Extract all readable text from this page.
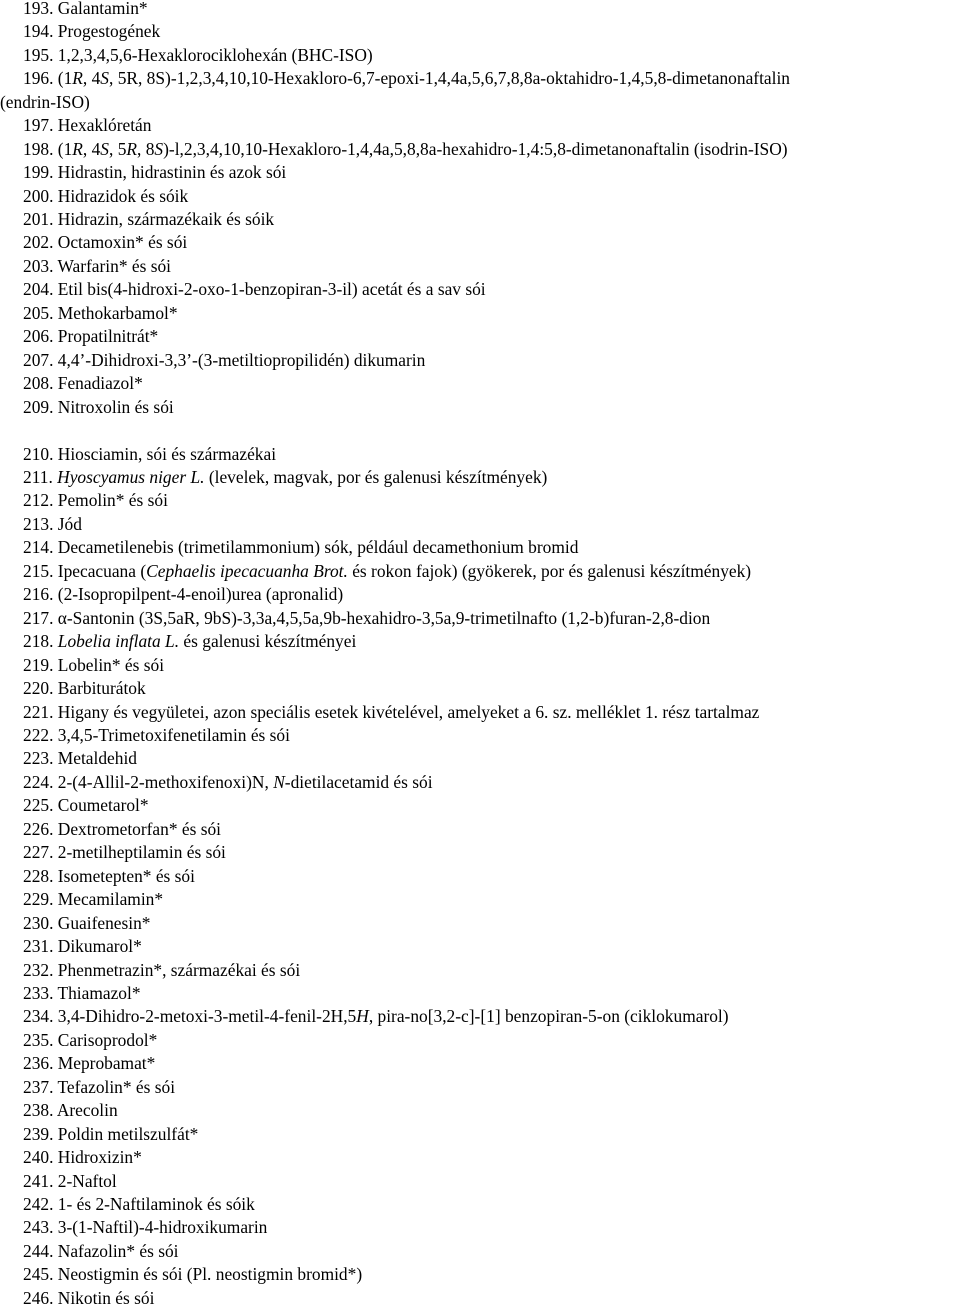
193. Galantamin*
194. Progestogének
195. 1,2,3,4,5,6-Hexaklorociklohexán (BHC-ISO)
196. (1R, 4S, 5R, 8S)-1,2,3,4,10,10-Hexakloro-6,7-epoxi-1,4,4a,5,6,7,8,8a-oktahidro-1,4,5,8-dimetanonaftalin
(endrin-ISO)
197. Hexaklóretán
198. (1R, 4S, 5R, 8S)-l,2,3,4,10,10-Hexakloro-1,4,4a,5,8,8a-hexahidro-1,4:5,8-dimetanonaftalin (isodrin-ISO)
199. Hidrastin, hidrastinin és azok sói
200. Hidrazidok és sóik
201. Hidrazin, származékaik és sóik
202. Octamoxin* és sói
203. Warfarin* és sói
204. Etil bis(4-hidroxi-2-oxo-1-benzopiran-3-il) acetát és a sav sói
205. Methokarbamol*
206. Propatilnitrát*
207. 4,4’-Dihidroxi-3,3’-(3-metiltiopropilidén) dikumarin
208. Fenadiazol*
209. Nitroxolin és sói
210. Hiosciamin, sói és származékai
211. Hyoscyamus niger L. (levelek, magvak, por és galenusi készítmények)
212. Pemolin* és sói
213. Jód
214. Decametilenebis (trimetilammonium) sók, például decamethonium bromid
215. Ipecacuana (Cephaelis ipecacuanha Brot. és rokon fajok) (gyökerek, por és galenusi készítmények)
216. (2-Isopropilpent-4-enoil)urea (apronalid)
217. α-Santonin (3S,5aR, 9bS)-3,3a,4,5,5a,9b-hexahidro-3,5a,9-trimetilnafto (1,2-b)furan-2,8-dion
218. Lobelia inflata L. és galenusi készítményei
219. Lobelin* és sói
220. Barbiturátok
221. Higany és vegyületei, azon speciális esetek kivételével, amelyeket a 6. sz. melléklet 1. rész tartalmaz
222. 3,4,5-Trimetoxifenetilamin és sói
223. Metaldehid
224. 2-(4-Allil-2-methoxifenoxi)N, N-dietilacetamid és sói
225. Coumetarol*
226. Dextrometorfan* és sói
227. 2-metilheptilamin és sói
228. Isometepten* és sói
229. Mecamilamin*
230. Guaifenesin*
231. Dikumarol*
232. Phenmetrazin*, származékai és sói
233. Thiamazol*
234. 3,4-Dihidro-2-metoxi-3-metil-4-fenil-2H,5H, pira-no[3,2-c]-[1] benzopiran-5-on (ciklokumarol)
235. Carisoprodol*
236. Meprobamat*
237. Tefazolin* és sói
238. Arecolin
239. Poldin metilszulfát*
240. Hidroxizin*
241. 2-Naftol
242. 1- és 2-Naftilaminok és sóik
243. 3-(1-Naftil)-4-hidroxikumarin
244. Nafazolin* és sói
245. Neostigmin és sói (Pl. neostigmin bromid*)
246. Nikotin és sói
